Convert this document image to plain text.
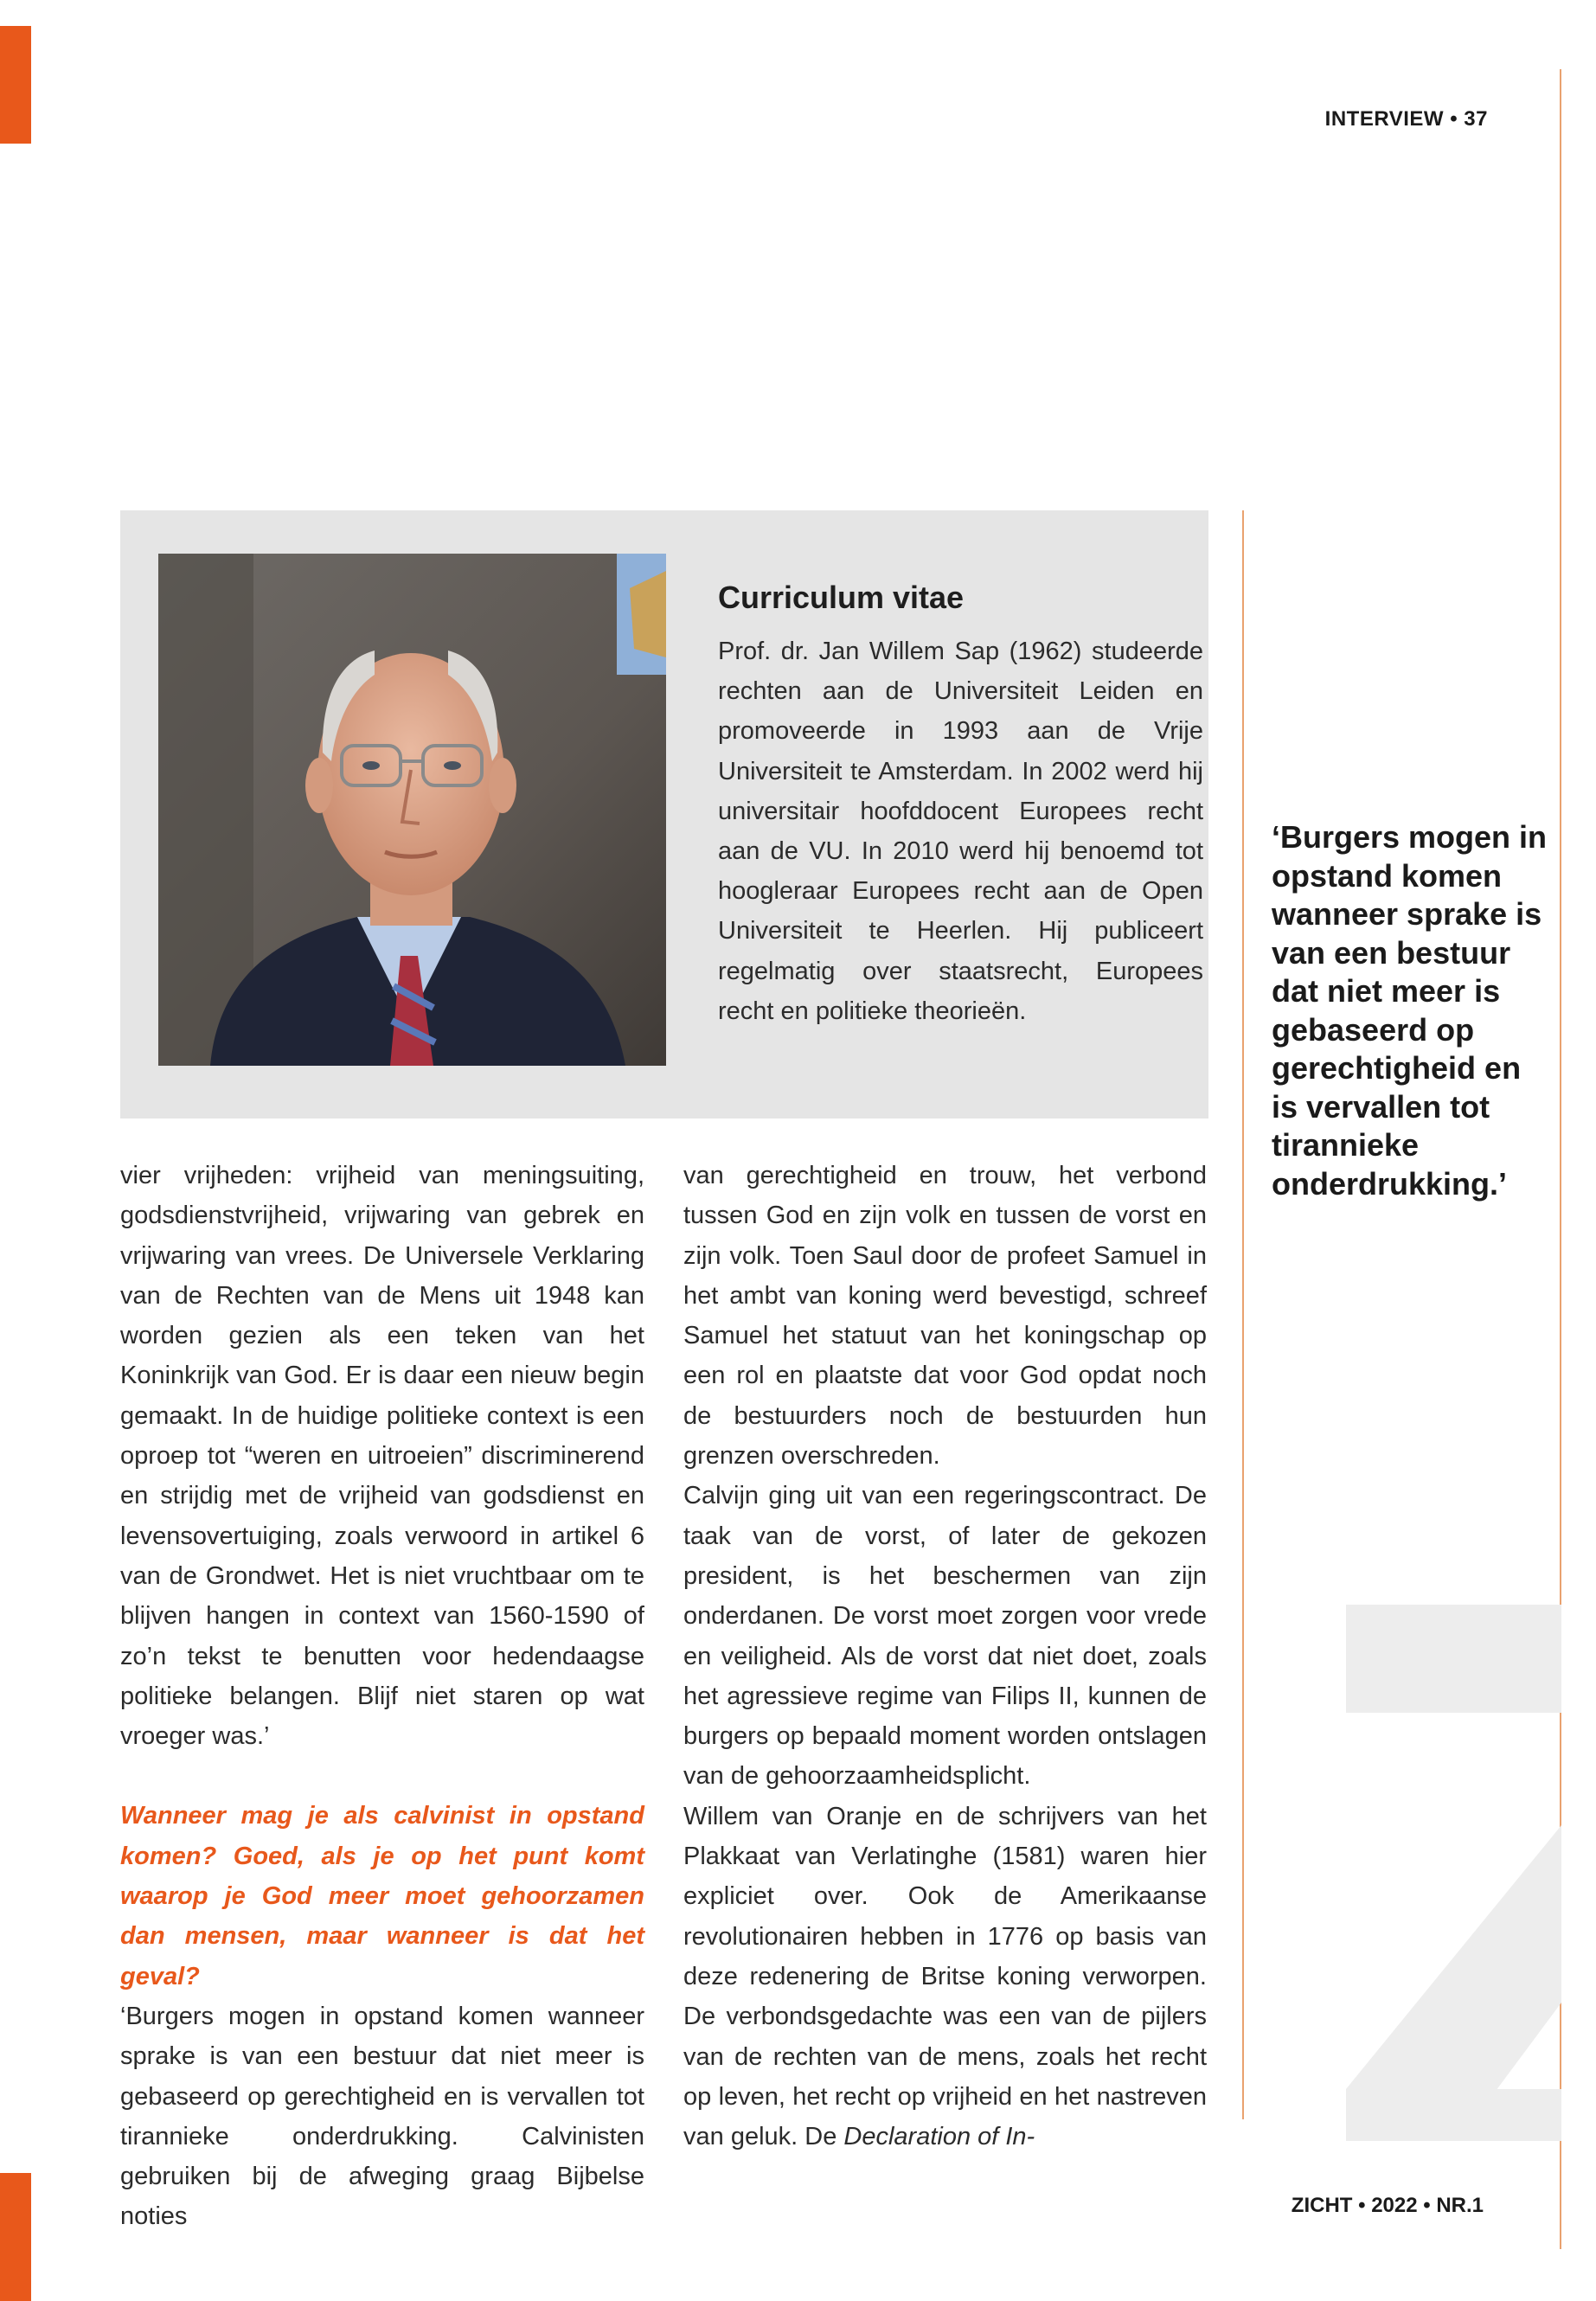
INTERVIEW • 37

Curriculum vitae

Prof. dr. Jan Willem Sap (1962) studeerde rechten aan de Universiteit Leiden en promoveerde in 1993 aan de Vrije Universiteit te Amsterdam. In 2002 werd hij universitair hoofddocent Europees recht aan de VU. In 2010 werd hij benoemd tot hoogleraar Europees recht aan de Open Universiteit te Heerlen. Hij publiceert regelmatig over staatsrecht, Europees recht en politieke theorieën.

vier vrijheden: vrijheid van meningsuiting, godsdienstvrijheid, vrijwaring van gebrek en vrijwaring van vrees. De Universele Verklaring van de Rechten van de Mens uit 1948 kan worden gezien als een teken van het Koninkrijk van God. Er is daar een nieuw begin gemaakt. In de huidige politieke context is een oproep tot “weren en uitroeien” discriminerend en strijdig met de vrijheid van godsdienst en levensovertuiging, zoals verwoord in artikel 6 van de Grondwet. Het is niet vruchtbaar om te blijven hangen in context van 1560-1590 of zo’n tekst te benutten voor hedendaagse politieke belangen. Blijf niet staren op wat vroeger was.’

Wanneer mag je als calvinist in opstand komen? Goed, als je op het punt komt waarop je God meer moet gehoorzamen dan mensen, maar wanneer is dat het geval?

‘Burgers mogen in opstand komen wanneer sprake is van een bestuur dat niet meer is gebaseerd op gerechtigheid en is vervallen tot tirannieke onderdrukking. Calvinisten gebruiken bij de afweging graag Bijbelse noties

van gerechtigheid en trouw, het verbond tussen God en zijn volk en tussen de vorst en zijn volk. Toen Saul door de profeet Samuel in het ambt van koning werd bevestigd, schreef Samuel het statuut van het koningschap op een rol en plaatste dat voor God opdat noch de bestuurders noch de bestuurden hun grenzen overschreden.

Calvijn ging uit van een regeringscontract. De taak van de vorst, of later de gekozen president, is het beschermen van zijn onderdanen. De vorst moet zorgen voor vrede en veiligheid. Als de vorst dat niet doet, zoals het agressieve regime van Filips II, kunnen de burgers op bepaald moment worden ontslagen van de gehoorzaamheidsplicht.

Willem van Oranje en de schrijvers van het Plakkaat van Verlatinghe (1581) waren hier expliciet over. Ook de Amerikaanse revolutionairen hebben in 1776 op basis van deze redenering de Britse koning verworpen. De verbondsgedachte was een van de pijlers van de rechten van de mens, zoals het recht op leven, het recht op vrijheid en het nastreven van geluk. De Declaration of In-

‘Burgers mogen in opstand komen wanneer sprake is van een bestuur dat niet meer is gebaseerd op gerechtigheid en is vervallen tot tirannieke onderdrukking.’

ZICHT • 2022 • NR.1
